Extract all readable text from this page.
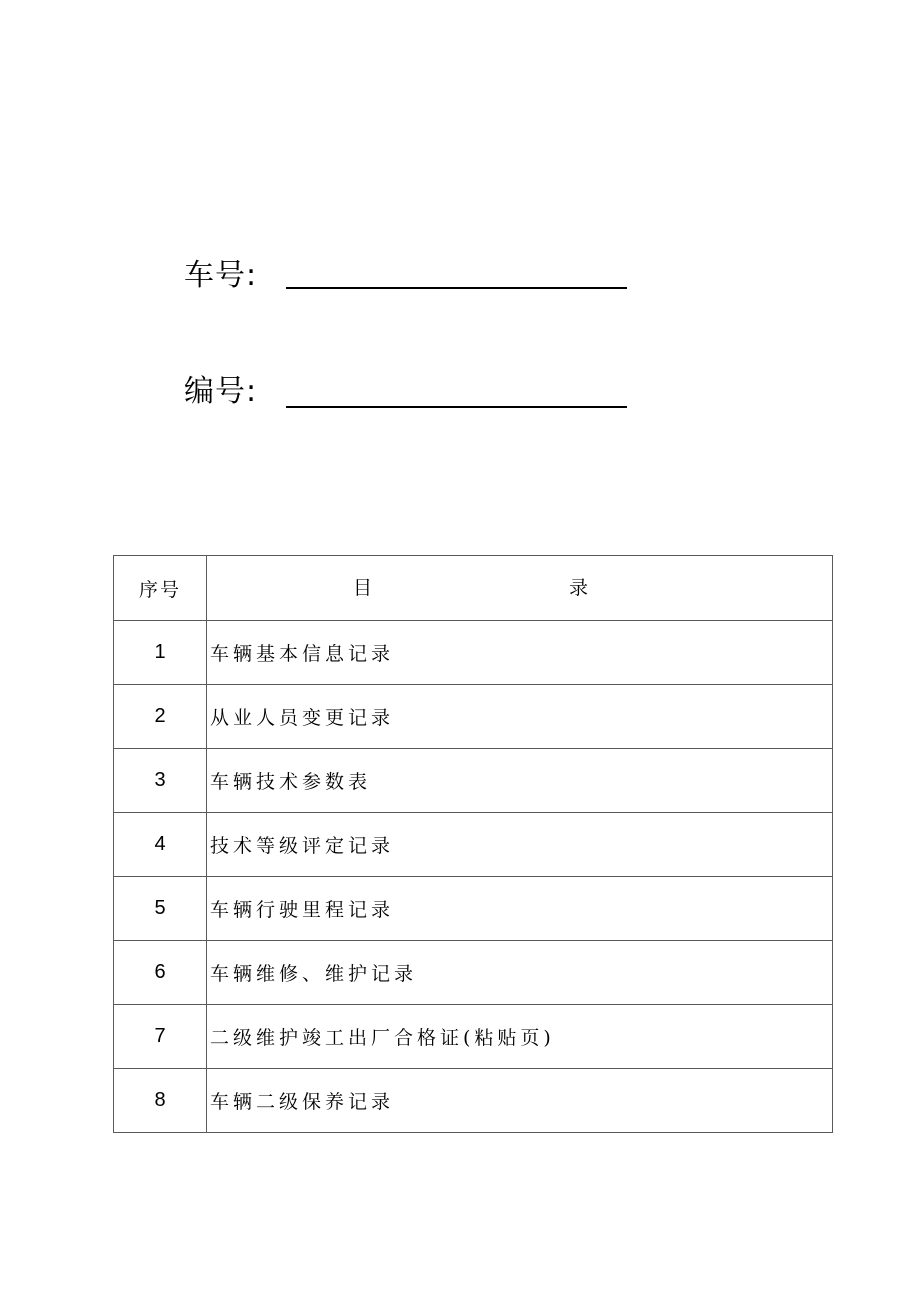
车号:
编号:
序号	目 录

1	车辆基本信息记录
2	从业人员变更记录
3	车辆技术参数表
4	技术等级评定记录
5	车辆行驶里程记录
6	车辆维修、维护记录
7	二级维护竣工出厂合格证(粘贴页)
8	车辆二级保养记录
